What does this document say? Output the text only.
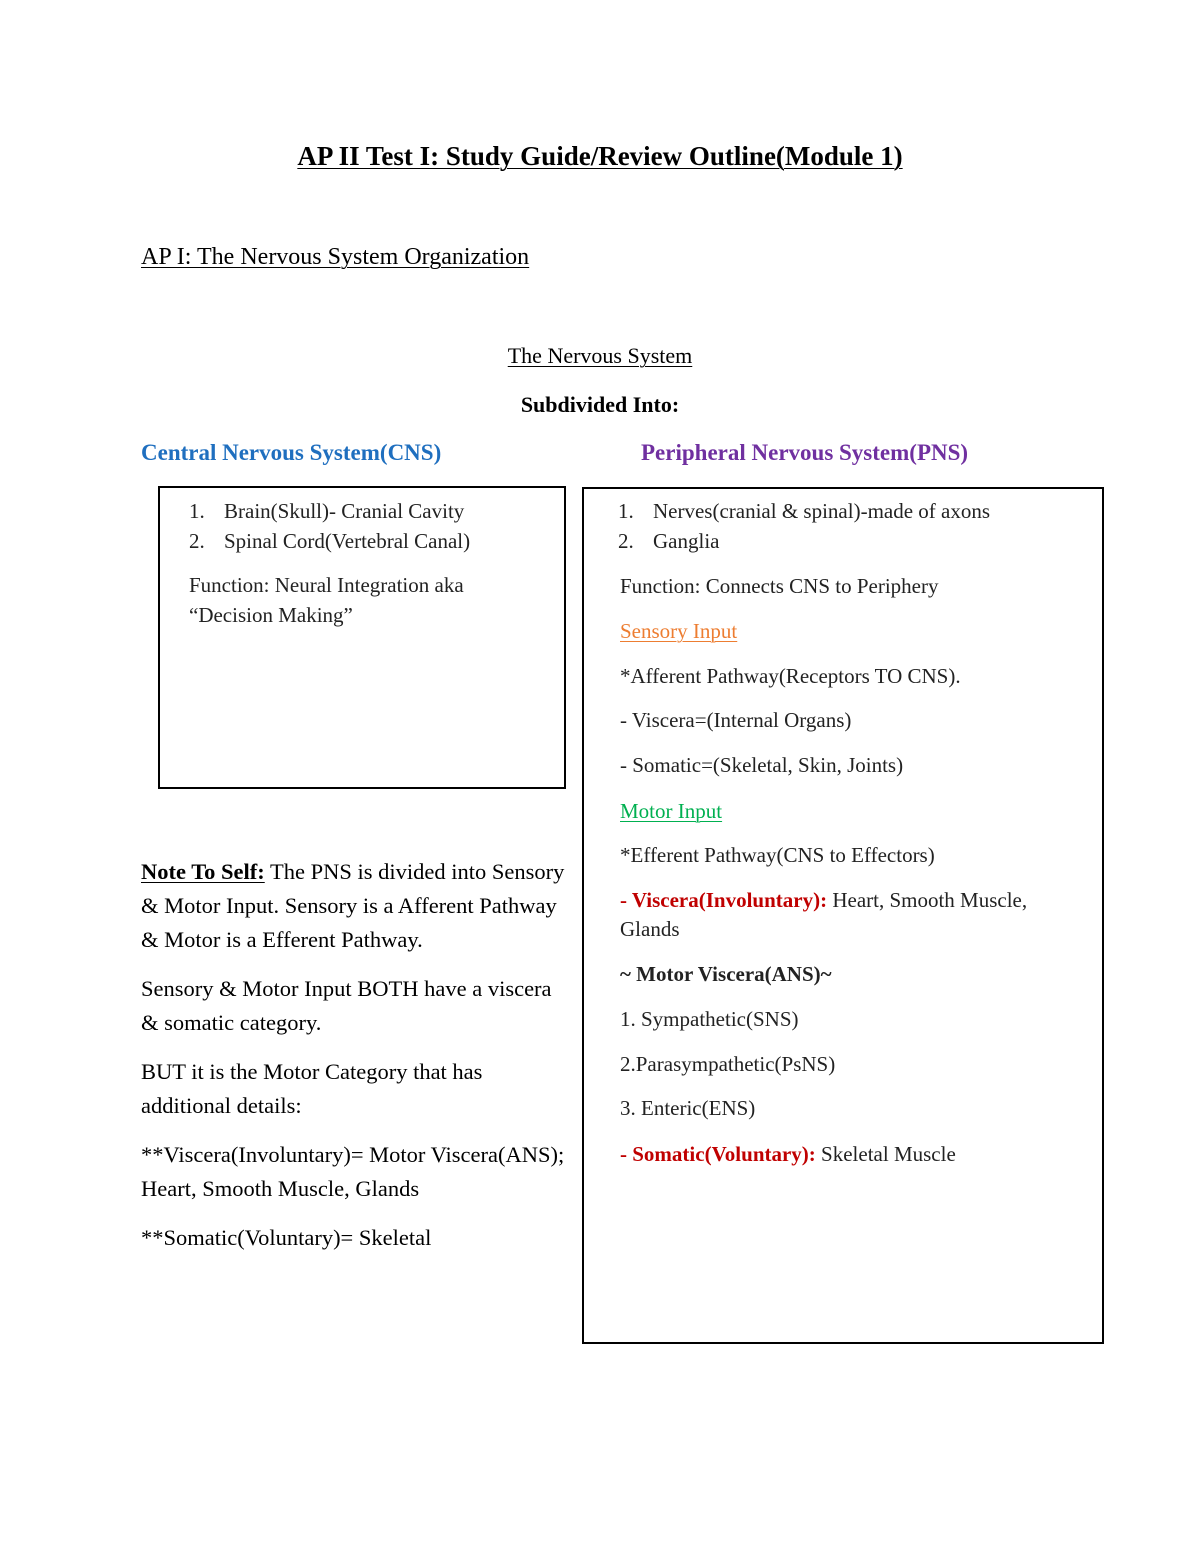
AP II Test I: Study Guide/Review Outline(Module 1)
AP I: The Nervous System Organization
The Nervous System
Subdivided Into:
Central Nervous System(CNS)	Peripheral Nervous System(PNS)
1. Brain(Skull)- Cranial Cavity
2. Spinal Cord(Vertebral Canal)
Function: Neural Integration aka
“Decision Making”
1. Nerves(cranial & spinal)-made of axons
2. Ganglia
Function: Connects CNS to Periphery
Sensory Input
*Afferent Pathway(Receptors TO CNS).
- Viscera=(Internal Organs)
- Somatic=(Skeletal, Skin, Joints)
Motor Input
*Efferent Pathway(CNS to Effectors)
- Viscera(Involuntary): Heart, Smooth Muscle,
Glands
~ Motor Viscera(ANS)~
1. Sympathetic(SNS)
2.Parasympathetic(PsNS)
3. Enteric(ENS)
- Somatic(Voluntary): Skeletal Muscle

Note To Self: The PNS is divided into Sensory & Motor Input. Sensory is a Afferent Pathway & Motor is a Efferent Pathway.

Sensory & Motor Input BOTH have a viscera & somatic category.

BUT it is the Motor Category that has additional details:

**Viscera(Involuntary)= Motor Viscera(ANS); Heart, Smooth Muscle, Glands

**Somatic(Voluntary)= Skeletal
